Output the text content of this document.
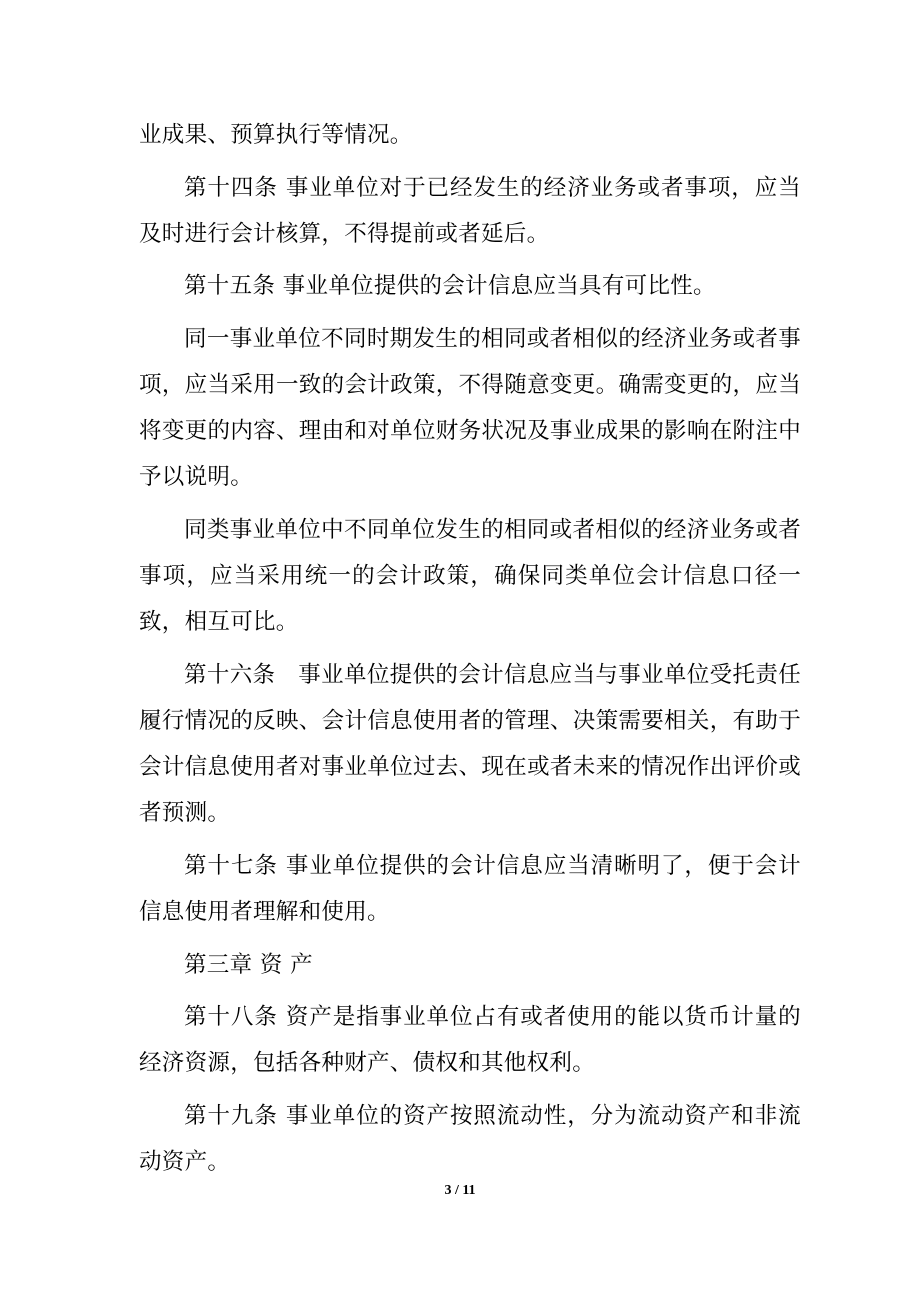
业成果、预算执行等情况。

第十四条 事业单位对于已经发生的经济业务或者事项，应当及时进行会计核算，不得提前或者延后。

第十五条 事业单位提供的会计信息应当具有可比性。

同一事业单位不同时期发生的相同或者相似的经济业务或者事项，应当采用一致的会计政策，不得随意变更。确需变更的，应当将变更的内容、理由和对单位财务状况及事业成果的影响在附注中予以说明。

同类事业单位中不同单位发生的相同或者相似的经济业务或者事项，应当采用统一的会计政策，确保同类单位会计信息口径一致，相互可比。

第十六条　事业单位提供的会计信息应当与事业单位受托责任履行情况的反映、会计信息使用者的管理、决策需要相关，有助于会计信息使用者对事业单位过去、现在或者未来的情况作出评价或者预测。

第十七条 事业单位提供的会计信息应当清晰明了，便于会计信息使用者理解和使用。

第三章 资 产

第十八条 资产是指事业单位占有或者使用的能以货币计量的经济资源，包括各种财产、债权和其他权利。

第十九条 事业单位的资产按照流动性，分为流动资产和非流动资产。

3 / 11
